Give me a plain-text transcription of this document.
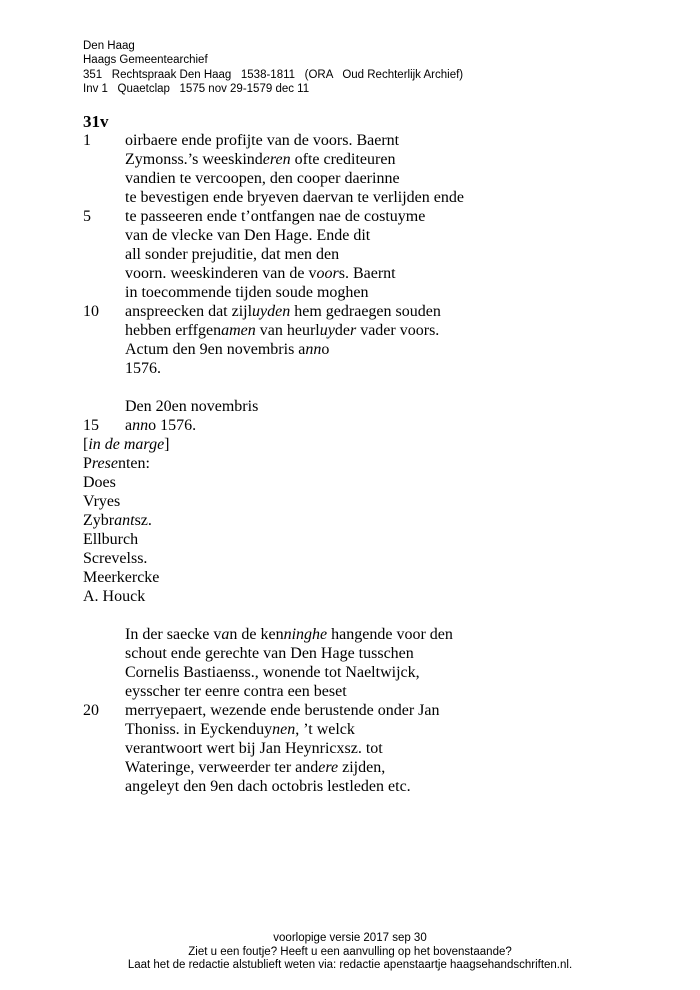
Den Haag
Haags Gemeentearchief
351   Rechtspraak Den Haag   1538-1811   (ORA   Oud Rechterlijk Archief)
Inv 1   Quaetclap   1575 nov 29-1579 dec 11
31v
1	oirbaere ende profijte van de voors. Baernt
Zymonss.’s weeskinderen ofte crediteuren
vandien te vercoopen, den cooper daerinne
te bevestigen ende bryeven daervan te verlijden ende
5	te passeeren ende t’ontfangen nae de costuyme
van de vlecke van Den Hage. Ende dit
all sonder prejuditie, dat men den
voorn. weeskinderen van de voors. Baernt
in toecommende tijden soude moghen
10	anspreecken dat zijluyden hem gedraegen souden
hebben erffgenamen van heurluyder vader voors.
Actum den 9en novembris anno
1576.
Den 20en novembris
15	anno 1576.
[in de marge]
Presenten:
Does
Vryes
Zybrantsz.
Ellburch
Screvelss.
Meerkercke
A. Houck
In der saecke van de kenninghe hangende voor den
schout ende gerechte van Den Hage tusschen
Cornelis Bastiaenss., wonende tot Naeltwijck,
eysscher ter eenre contra een beset
20	merryepaert, wezende ende berustende onder Jan
Thoniss. in Eyckenduynen, ’t welck
verantwoort wert bij Jan Heynricxsz. tot
Wateringe, verweerder ter andere zijden,
angeleyt den 9en dach octobris lestleden etc.
voorlopige versie 2017 sep 30
Ziet u een foutje? Heeft u een aanvulling op het bovenstaande?
Laat het de redactie alstublieft weten via: redactie apenstaartje haagsehandschriften.nl.
